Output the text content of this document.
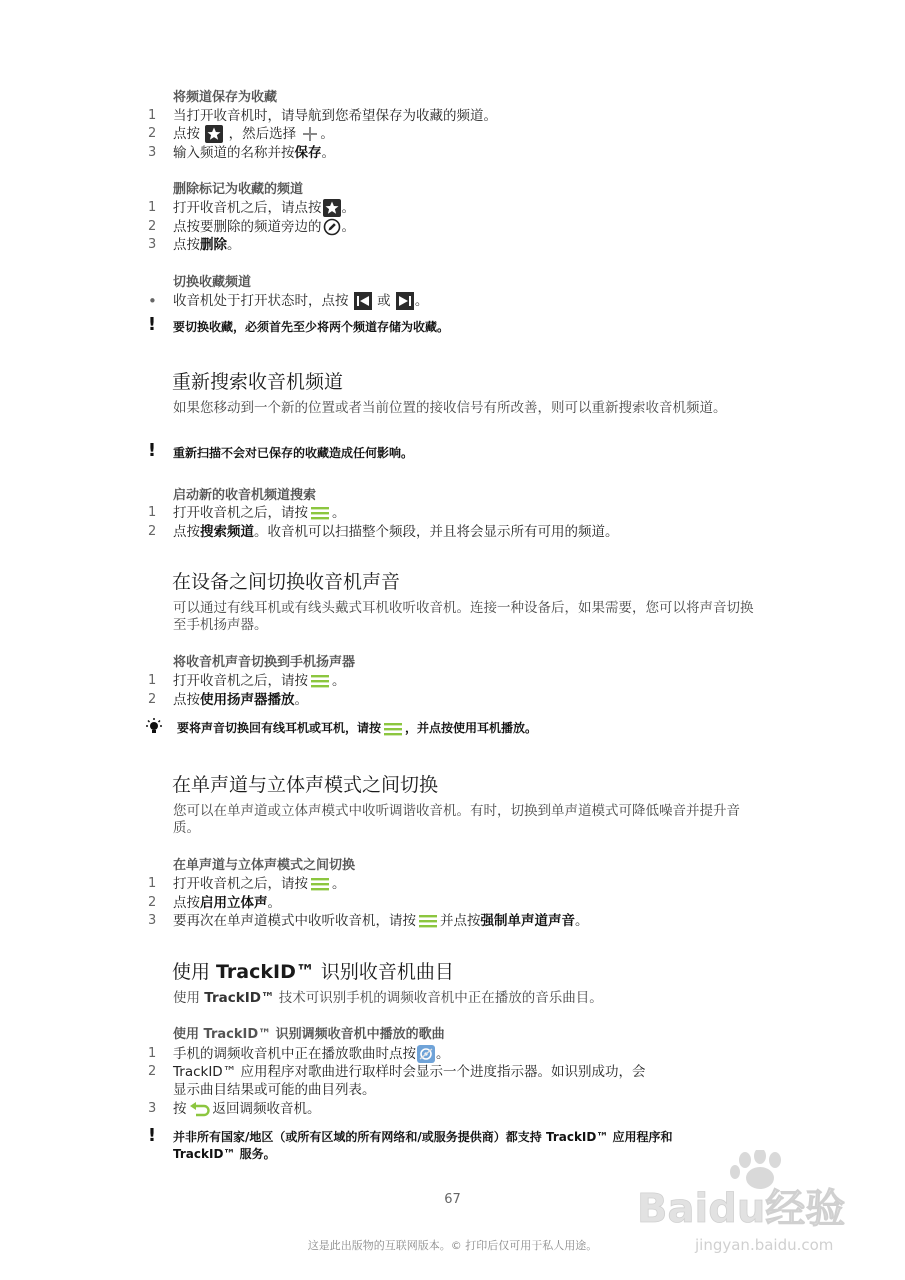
将频道保存为收藏
1	当打开收音机时，请导航到您希望保存为收藏的频道。
2	点按 ，然后选择 。
3	输入频道的名称并按保存。
删除标记为收藏的频道
1	打开收音机之后，请点按 。
2	点按要删除的频道旁边的 。
3	点按删除。
切换收藏频道
•	收音机处于打开状态时，点按 或 。
! 要切换收藏，必须首先至少将两个频道存储为收藏。
重新搜索收音机频道
如果您移动到一个新的位置或者当前位置的接收信号有所改善，则可以重新搜索收音机频道。
! 重新扫描不会对已保存的收藏造成任何影响。
启动新的收音机频道搜索
1	打开收音机之后，请按 。
2	点按搜索频道。收音机可以扫描整个频段，并且将会显示所有可用的频道。
在设备之间切换收音机声音
可以通过有线耳机或有线头戴式耳机收听收音机。连接一种设备后，如果需要，您可以将声音切换至手机扬声器。
将收音机声音切换到手机扬声器
1	打开收音机之后，请按 。
2	点按使用扬声器播放。
要将声音切换回有线耳机或耳机，请按 ，并点按使用耳机播放。
在单声道与立体声模式之间切换
您可以在单声道或立体声模式中收听调谐收音机。有时，切换到单声道模式可降低噪音并提升音质。
在单声道与立体声模式之间切换
1	打开收音机之后，请按 。
2	点按启用立体声。
3	要再次在单声道模式中收听收音机，请按 并点按强制单声道声音。
使用 TrackID™ 识别收音机曲目
使用 TrackID™ 技术可识别手机的调频收音机中正在播放的音乐曲目。
使用 TrackID™ 识别调频收音机中播放的歌曲
1	手机的调频收音机中正在播放歌曲时点按 。
2	TrackID™ 应用程序对歌曲进行取样时会显示一个进度指示器。如识别成功，会
显示曲目结果或可能的曲目列表。
3	按 返回调频收音机。
! 并非所有国家/地区（或所有区域的所有网络和/或服务提供商）都支持 TrackID™ 应用程序和
TrackID™ 服务。
67
这是此出版物的互联网版本。© 打印后仅可用于私人用途。
Baidu经验
jingyan.baidu.com
